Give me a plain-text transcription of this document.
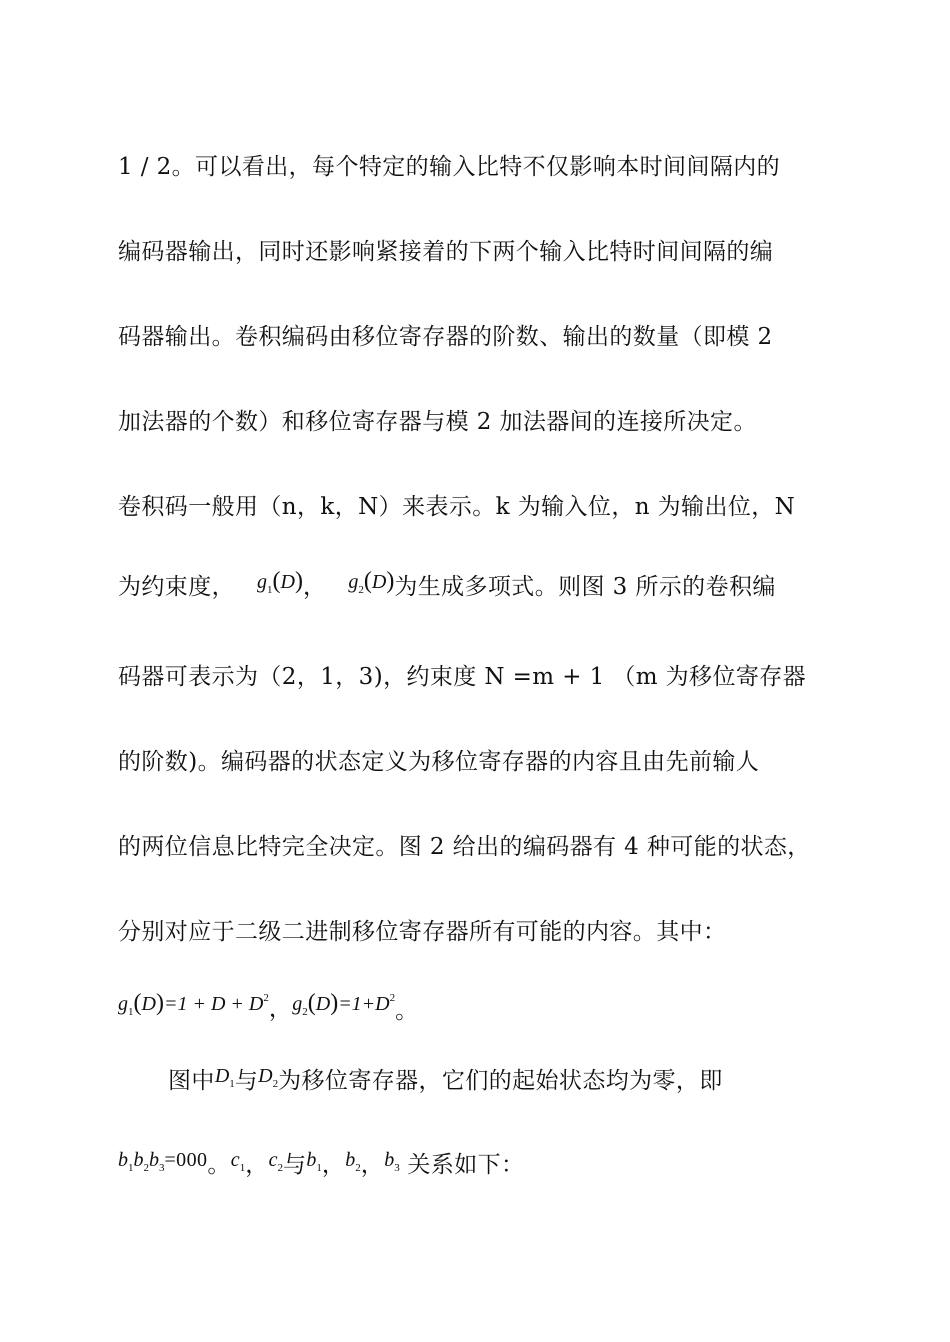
1 / 2。可以看出，每个特定的输入比特不仅影响本时间间隔内的
编码器输出，同时还影响紧接着的下两个输入比特时间间隔的编
码器输出。卷积编码由移位寄存器的阶数、输出的数量（即模 2
加法器的个数）和移位寄存器与模 2 加法器间的连接所决定。
卷积码一般用（n，k，N）来表示。k 为输入位，n 为输出位，N
为约束度， $g_1(D)$， $g_2(D)$为生成多项式。则图 3 所示的卷积编
码器可表示为（2，1，3)，约束度 N =m + 1 （m 为移位寄存器
的阶数)。编码器的状态定义为移位寄存器的内容且由先前输人
的两位信息比特完全决定。图 2 给出的编码器有 4 种可能的状态，
分别对应于二级二进制移位寄存器所有可能的内容。其中：
$g_1(D)=1 + D + D^2$，$g_2(D)=1+D^2$。
图中$D_1$与$D_2$为移位寄存器，它们的起始状态均为零，即
$b_1b_2b_3=000$。$c_1$，$c_2$与$b_1$，$b_2$，$b_3$ 关系如下：
